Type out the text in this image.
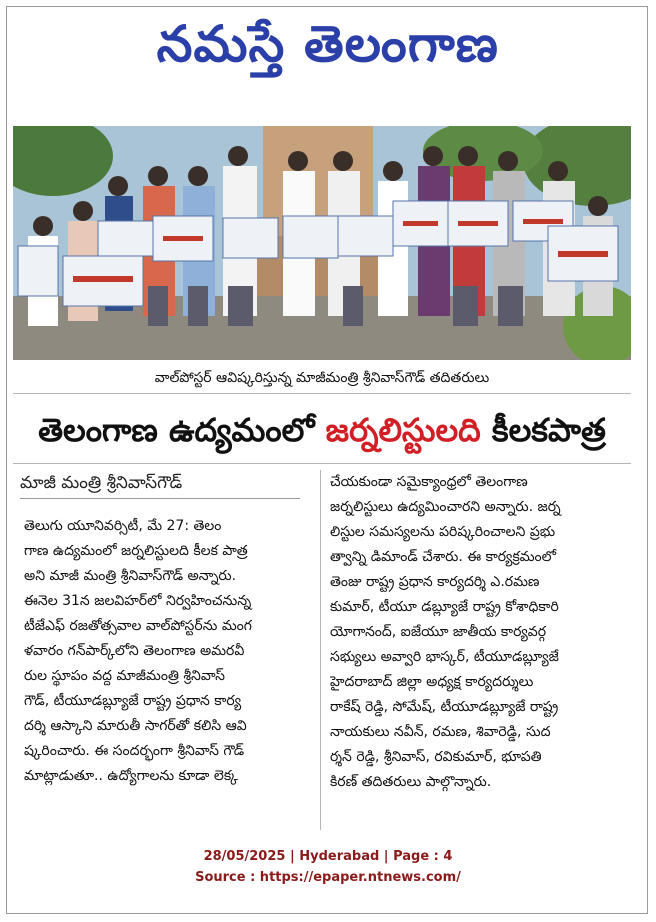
నమస్తే తెలంగాణ
వాల్‌పోస్టర్ ఆవిష్కరిస్తున్న మాజీమంత్రి శ్రీనివాస్‌గౌడ్ తదితరులు
తెలంగాణ ఉద్యమంలో జర్నలిస్టులది కీలకపాత్ర
మాజీ మంత్రి శ్రీనివాస్‌గౌడ్
తెలుగు యూనివర్సిటీ, మే 27: తెలం
గాణ ఉద్యమంలో జర్నలిస్టులది కీలక పాత్ర
అని మాజీ మంత్రి శ్రీనివాస్‌గౌడ్ అన్నారు.
ఈనెల 31న జలవిహర్‌లో నిర్వహించనున్న
టీజేఎఫ్ రజతోత్సవాల వాల్‌పోస్టర్‌ను మంగ
ళవారం గన్‌పార్క్‌లోని తెలంగాణ అమరవీ
రుల స్థూపం వద్ద మాజీమంత్రి శ్రీనివాస్
గౌడ్, టీయూడబ్ల్యూజే రాష్ట్ర ప్రధాన కార్య
దర్శి ఆస్కాని మారుతీ సాగర్‌తో కలిసి ఆవి
ష్కరించారు. ఈ సందర్భంగా శ్రీనివాస్ గౌడ్
మాట్లాడుతూ.. ఉద్యోగాలను కూడా లెక్క
చేయకుండా సమైక్యాంధ్రలో తెలంగాణ
జర్నలిస్టులు ఉద్యమించారని అన్నారు. జర్న
లిస్టుల సమస్యలను పరిష్కరించాలని ప్రభు
త్వాన్ని డిమాండ్ చేశారు. ఈ కార్యక్రమంలో
తెంజు రాష్ట్ర ప్రధాన కార్యదర్శి ఎ.రమణ
కుమార్, టీయూ డబ్ల్యూజే రాష్ట్ర కోశాధికారి
యోగానంద్, ఐజేయూ జాతీయ కార్యవర్గ
సభ్యులు అవ్వారి భాస్కర్, టీయూడబ్ల్యూజే
హైదరాబాద్ జిల్లా అధ్యక్ష కార్యదర్శులు
రాకేష్ రెడ్డి, సోమేష్, టీయూడబ్ల్యూజే రాష్ట్ర
నాయకులు నవీన్, రమణ, శివారెడ్డి, సుద
ర్శన్ రెడ్డి, శ్రీనివాస్, రవికుమార్, భూపతి
కిరణ్ తదితరులు పాల్గొన్నారు.
28/05/2025 | Hyderabad | Page : 4
Source : https://epaper.ntnews.com/
